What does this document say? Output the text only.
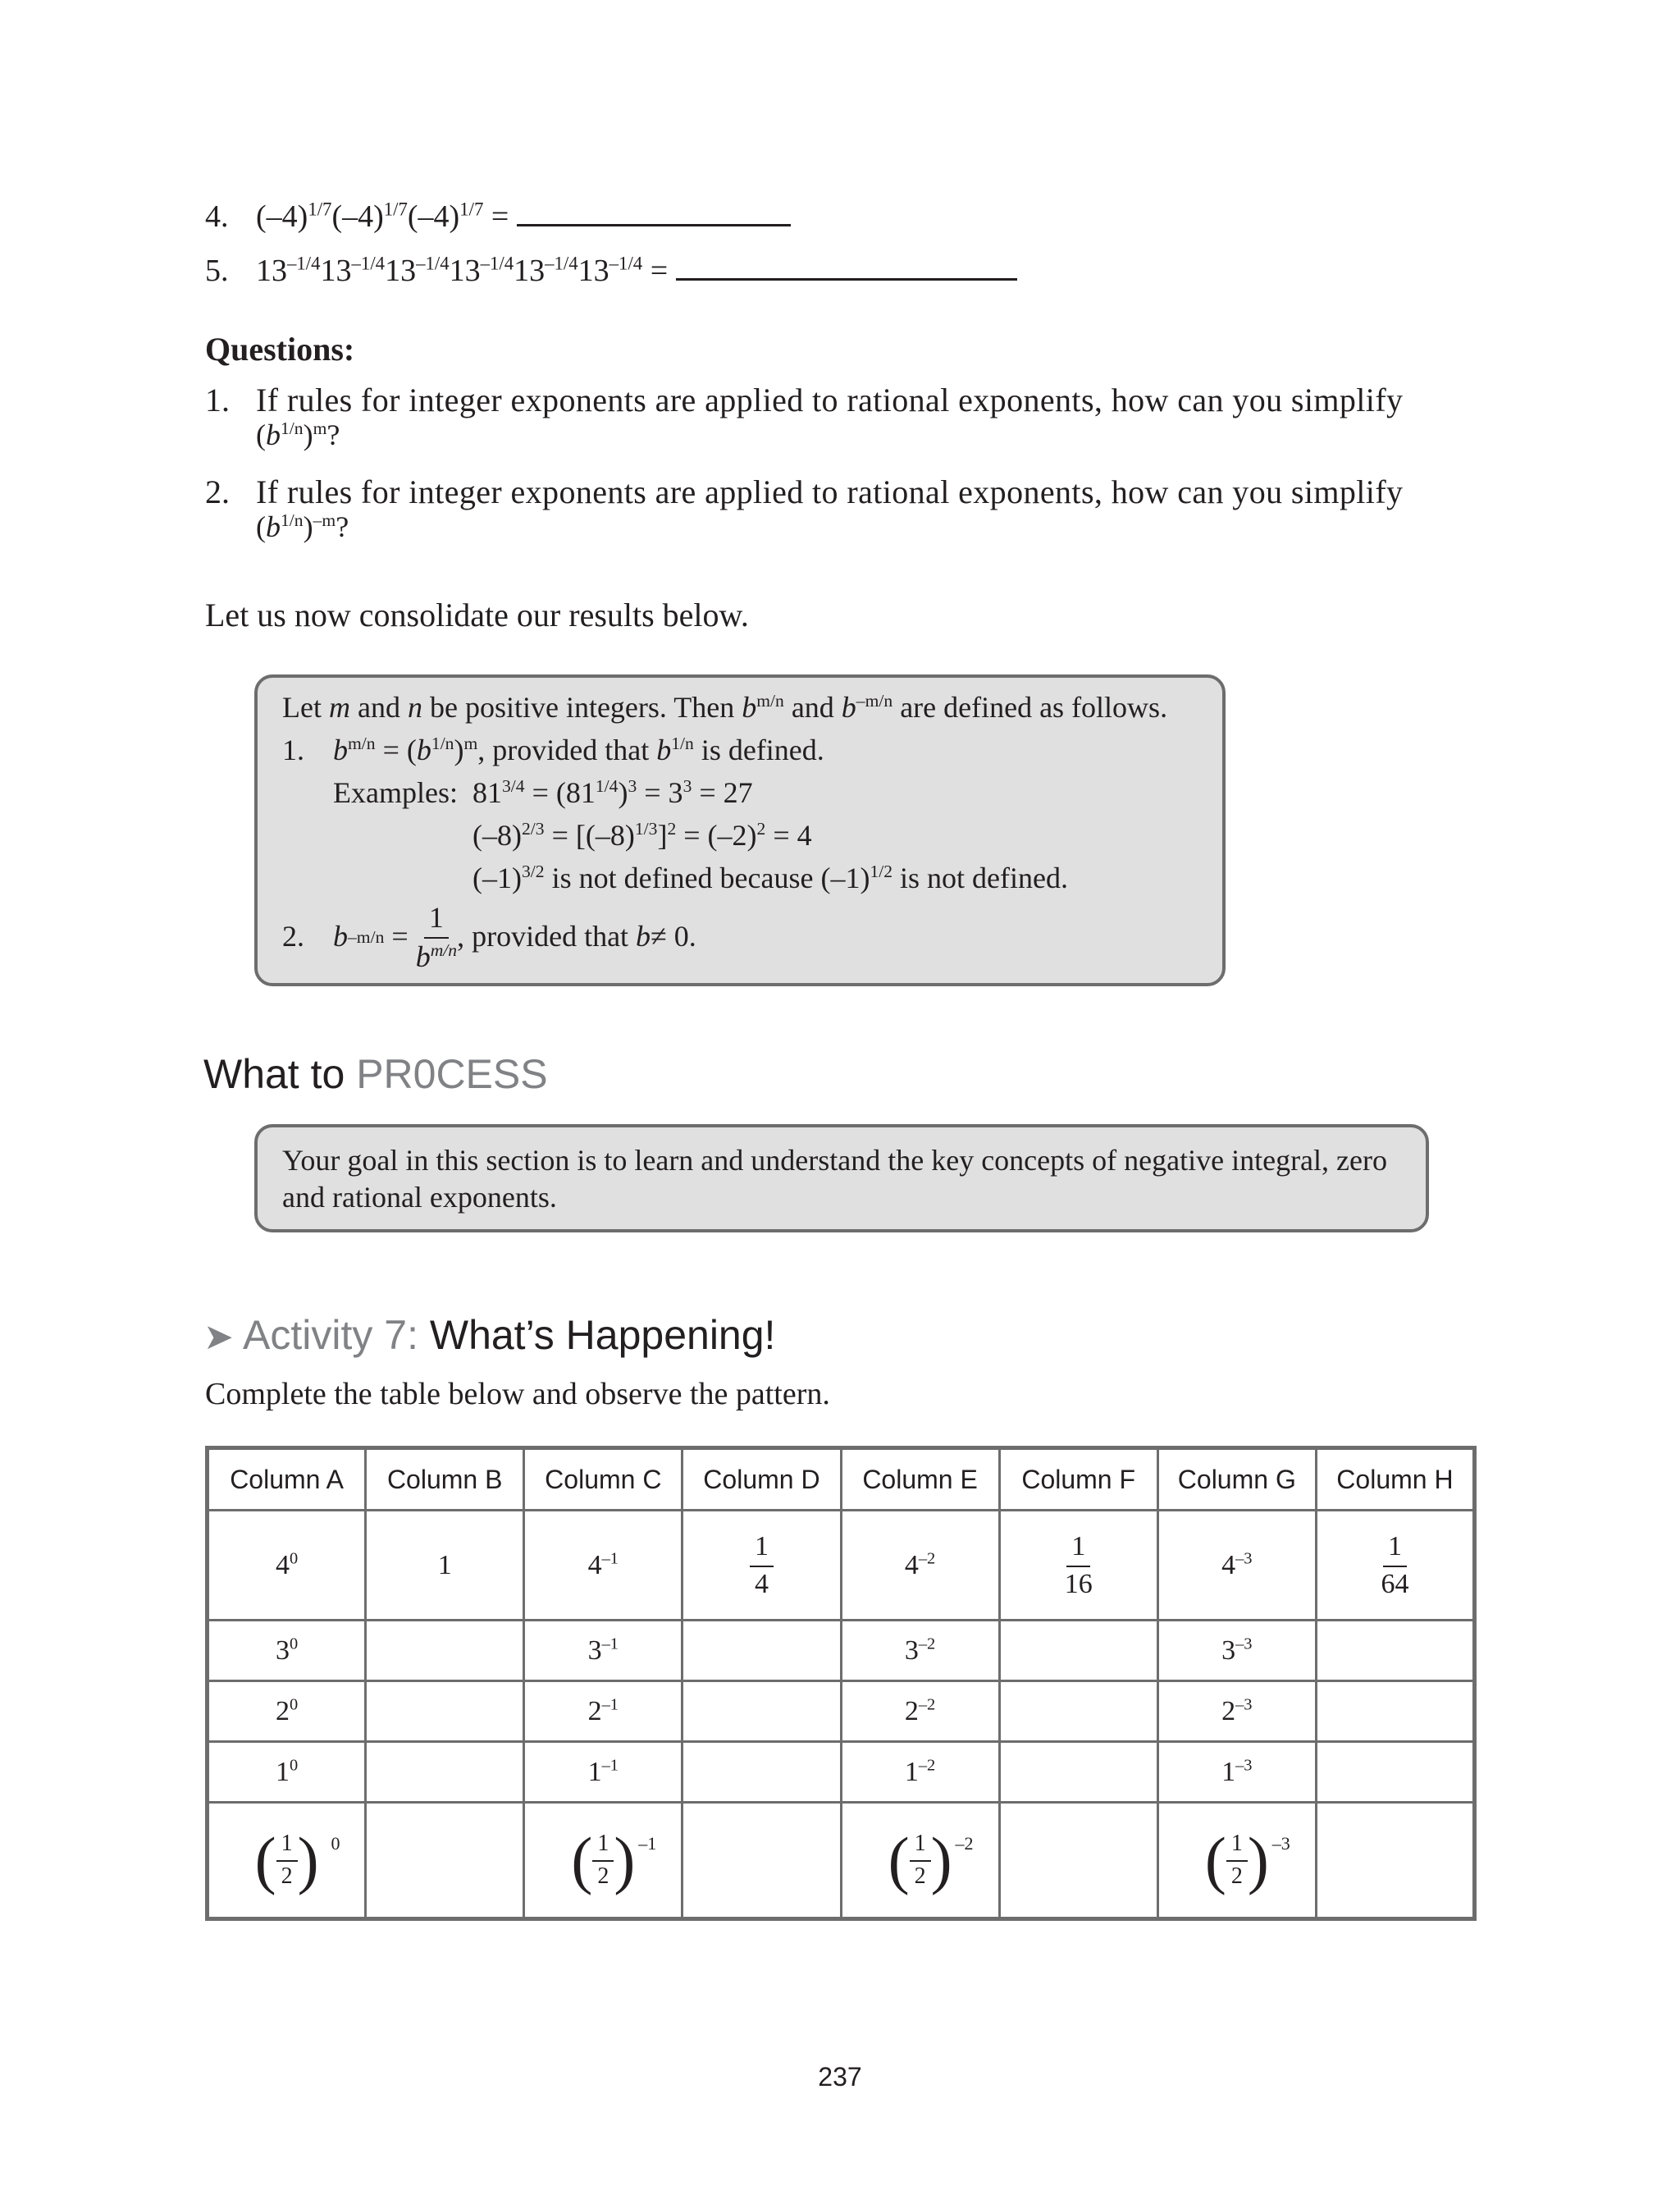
4. $(-4)^{1/7}(-4)^{1/7}(-4)^{1/7}$ =
5. $13^{-1/4}13^{-1/4}13^{-1/4}13^{-1/4}13^{-1/4}13^{-1/4}$ =
Questions:
1. If rules for integer exponents are applied to rational exponents, how can you simplify
$(b^{1/n})^m$?
2. If rules for integer exponents are applied to rational exponents, how can you simplify
$(b^{1/n})^{-m}$?
Let us now consolidate our results below.
Let m and n be positive integers. Then $b^{m/n}$ and $b^{-m/n}$ are defined as follows.
1. $b^{m/n} = (b^{1/n})^m$, provided that $b^{1/n}$ is defined.
Examples: $81^{3/4} = (81^{1/4})^3 = 3^3 = 27$
$(-8)^{2/3} = [(-8)^{1/3}]^2 = (-2)^2 = 4$
$(-1)^{3/2}$ is not defined because $(-1)^{1/2}$ is not defined.
2. b $-m/n = \frac{1}{b^{m/n}}$ , provided that
b ≠ 0.
What to PR0CESS
Your goal in this section is to learn and understand the key concepts of negative integral, zero and rational exponents.
➤ Activity 7: What’s Happening!
Complete the table below and observe the pattern.
Column A	Column B	Column C	Column D	Column E	Column F	Column G	Column H
$4^0$	1	$4^{-1}$	$\frac{1}{4}$	$4^{-2}$	$\frac{1}{16}$	$4^{-3}$	$\frac{1}{64}$

$3^0$		$3^{-1}$		$3^{-2}$		$3^{-3}$	
$2^0$		$2^{-1}$		$2^{-2}$		$2^{-3}$	
$1^0$		$1^{-1}$		$1^{-2}$		$1^{-3}$	

( $\frac{1}{2}$ ) 0		( $\frac{1}{2}$ ) –1		( $\frac{1}{2}$ ) –2		( $\frac{1}{2}$ ) –3	

237
